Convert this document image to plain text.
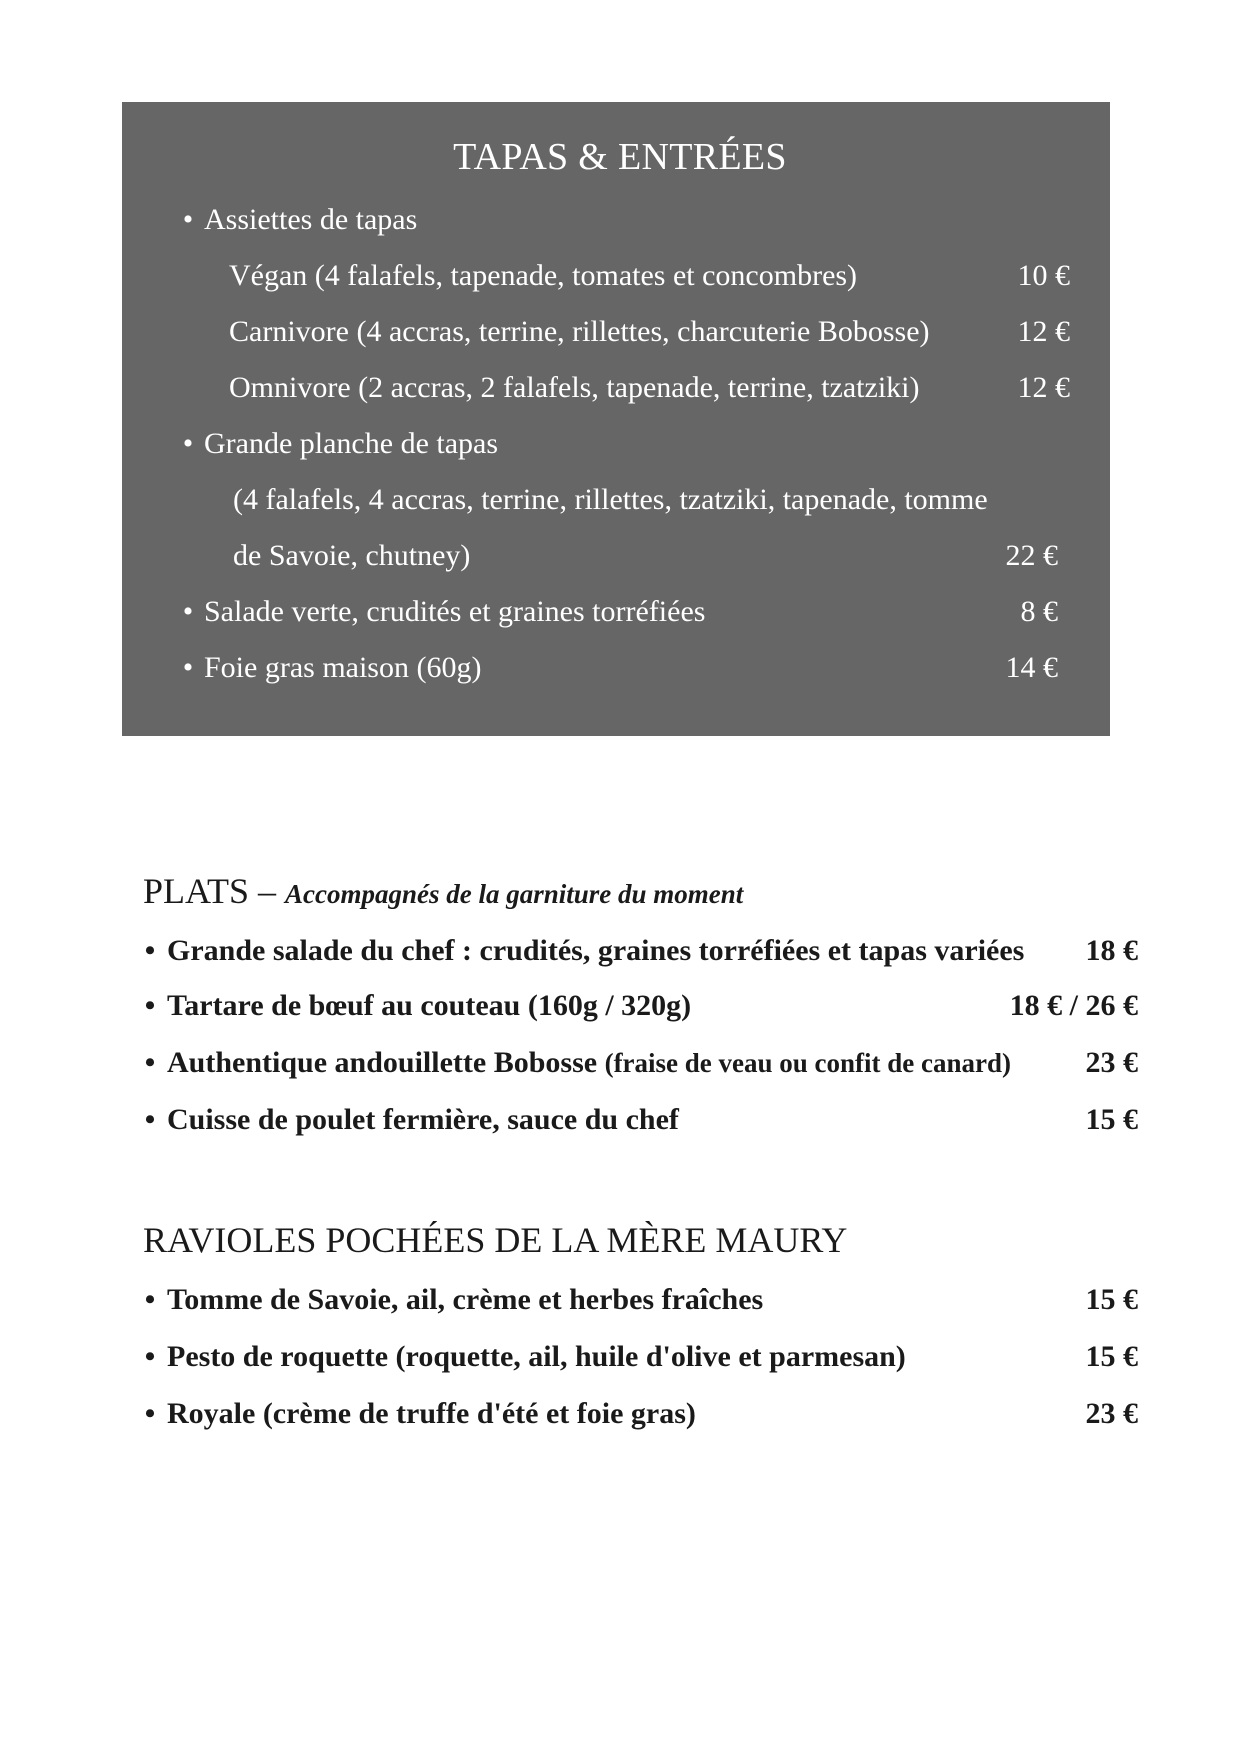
TAPAS & ENTRÉES
• Assiettes de tapas
Végan (4 falafels, tapenade, tomates et concombres)	10 €
Carnivore (4 accras, terrine, rillettes, charcuterie Bobosse)	12 €
Omnivore (2 accras, 2 falafels, tapenade, terrine, tzatziki)	12 €
• Grande planche de tapas
(4 falafels, 4 accras, terrine, rillettes, tzatziki, tapenade, tomme
de Savoie, chutney)	22 €
• Salade verte, crudités et graines torréfiées	8 €
• Foie gras maison (60g)	14 €
PLATS – Accompagnés de la garniture du moment
• Grande salade du chef : crudités, graines torréfiées et tapas variées 18 €
• Tartare de bœuf au couteau (160g / 320g)	18 € / 26 €
• Authentique andouillette Bobosse (fraise de veau ou confit de canard) 23 €
• Cuisse de poulet fermière, sauce du chef	15 €
RAVIOLES POCHÉES DE LA MÈRE MAURY
• Tomme de Savoie, ail, crème et herbes fraîches	15 €
• Pesto de roquette (roquette, ail, huile d'olive et parmesan)	15 €
• Royale (crème de truffe d'été et foie gras)	23 €
